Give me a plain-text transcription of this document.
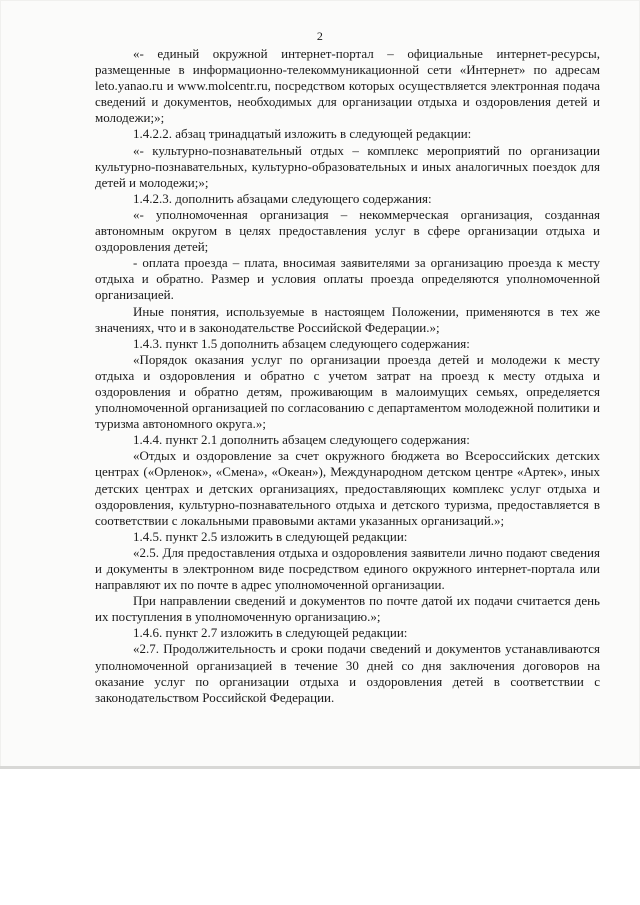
2

«- единый окружной интернет-портал – официальные интернет-ресурсы, размещенные в информационно-телекоммуникационной сети «Интернет» по адресам leto.yanao.ru и www.molcentr.ru, посредством которых осуществляется электронная подача сведений и документов, необходимых для организации отдыха и оздоровления детей и молодежи;»;

1.4.2.2. абзац тринадцатый изложить в следующей редакции:

«- культурно-познавательный отдых – комплекс мероприятий по организации культурно-познавательных, культурно-образовательных и иных аналогичных поездок для детей и молодежи;»;

1.4.2.3. дополнить абзацами следующего содержания:

«- уполномоченная организация – некоммерческая организация, созданная автономным округом в целях предоставления услуг в сфере организации отдыха и оздоровления детей;

- оплата проезда – плата, вносимая заявителями за организацию проезда к месту отдыха и обратно. Размер и условия оплаты проезда определяются уполномоченной организацией.

Иные понятия, используемые в настоящем Положении, применяются в тех же значениях, что и в законодательстве Российской Федерации.»;

1.4.3. пункт 1.5 дополнить абзацем следующего содержания:

«Порядок оказания услуг по организации проезда детей и молодежи к месту отдыха и оздоровления и обратно с учетом затрат на проезд к месту отдыха и оздоровления и обратно детям, проживающим в малоимущих семьях, определяется уполномоченной организацией по согласованию с департаментом молодежной политики и туризма автономного округа.»;

1.4.4. пункт 2.1 дополнить абзацем следующего содержания:

«Отдых и оздоровление за счет окружного бюджета во Всероссийских детских центрах («Орленок», «Смена», «Океан»), Международном детском центре «Артек», иных детских центрах и детских организациях, предоставляющих комплекс услуг отдыха и оздоровления, культурно-познавательного отдыха и детского туризма, предоставляется в соответствии с локальными правовыми актами указанных организаций.»;

1.4.5. пункт 2.5 изложить в следующей редакции:

«2.5. Для предоставления отдыха и оздоровления заявители лично подают сведения и документы в электронном виде посредством единого окружного интернет-портала или направляют их по почте в адрес уполномоченной организации.

При направлении сведений и документов по почте датой их подачи считается день их поступления в уполномоченную организацию.»;

1.4.6. пункт 2.7 изложить в следующей редакции:

«2.7. Продолжительность и сроки подачи сведений и документов устанавливаются уполномоченной организацией в течение 30 дней со дня заключения договоров на оказание услуг по организации отдыха и оздоровления детей в соответствии с законодательством Российской Федерации.
